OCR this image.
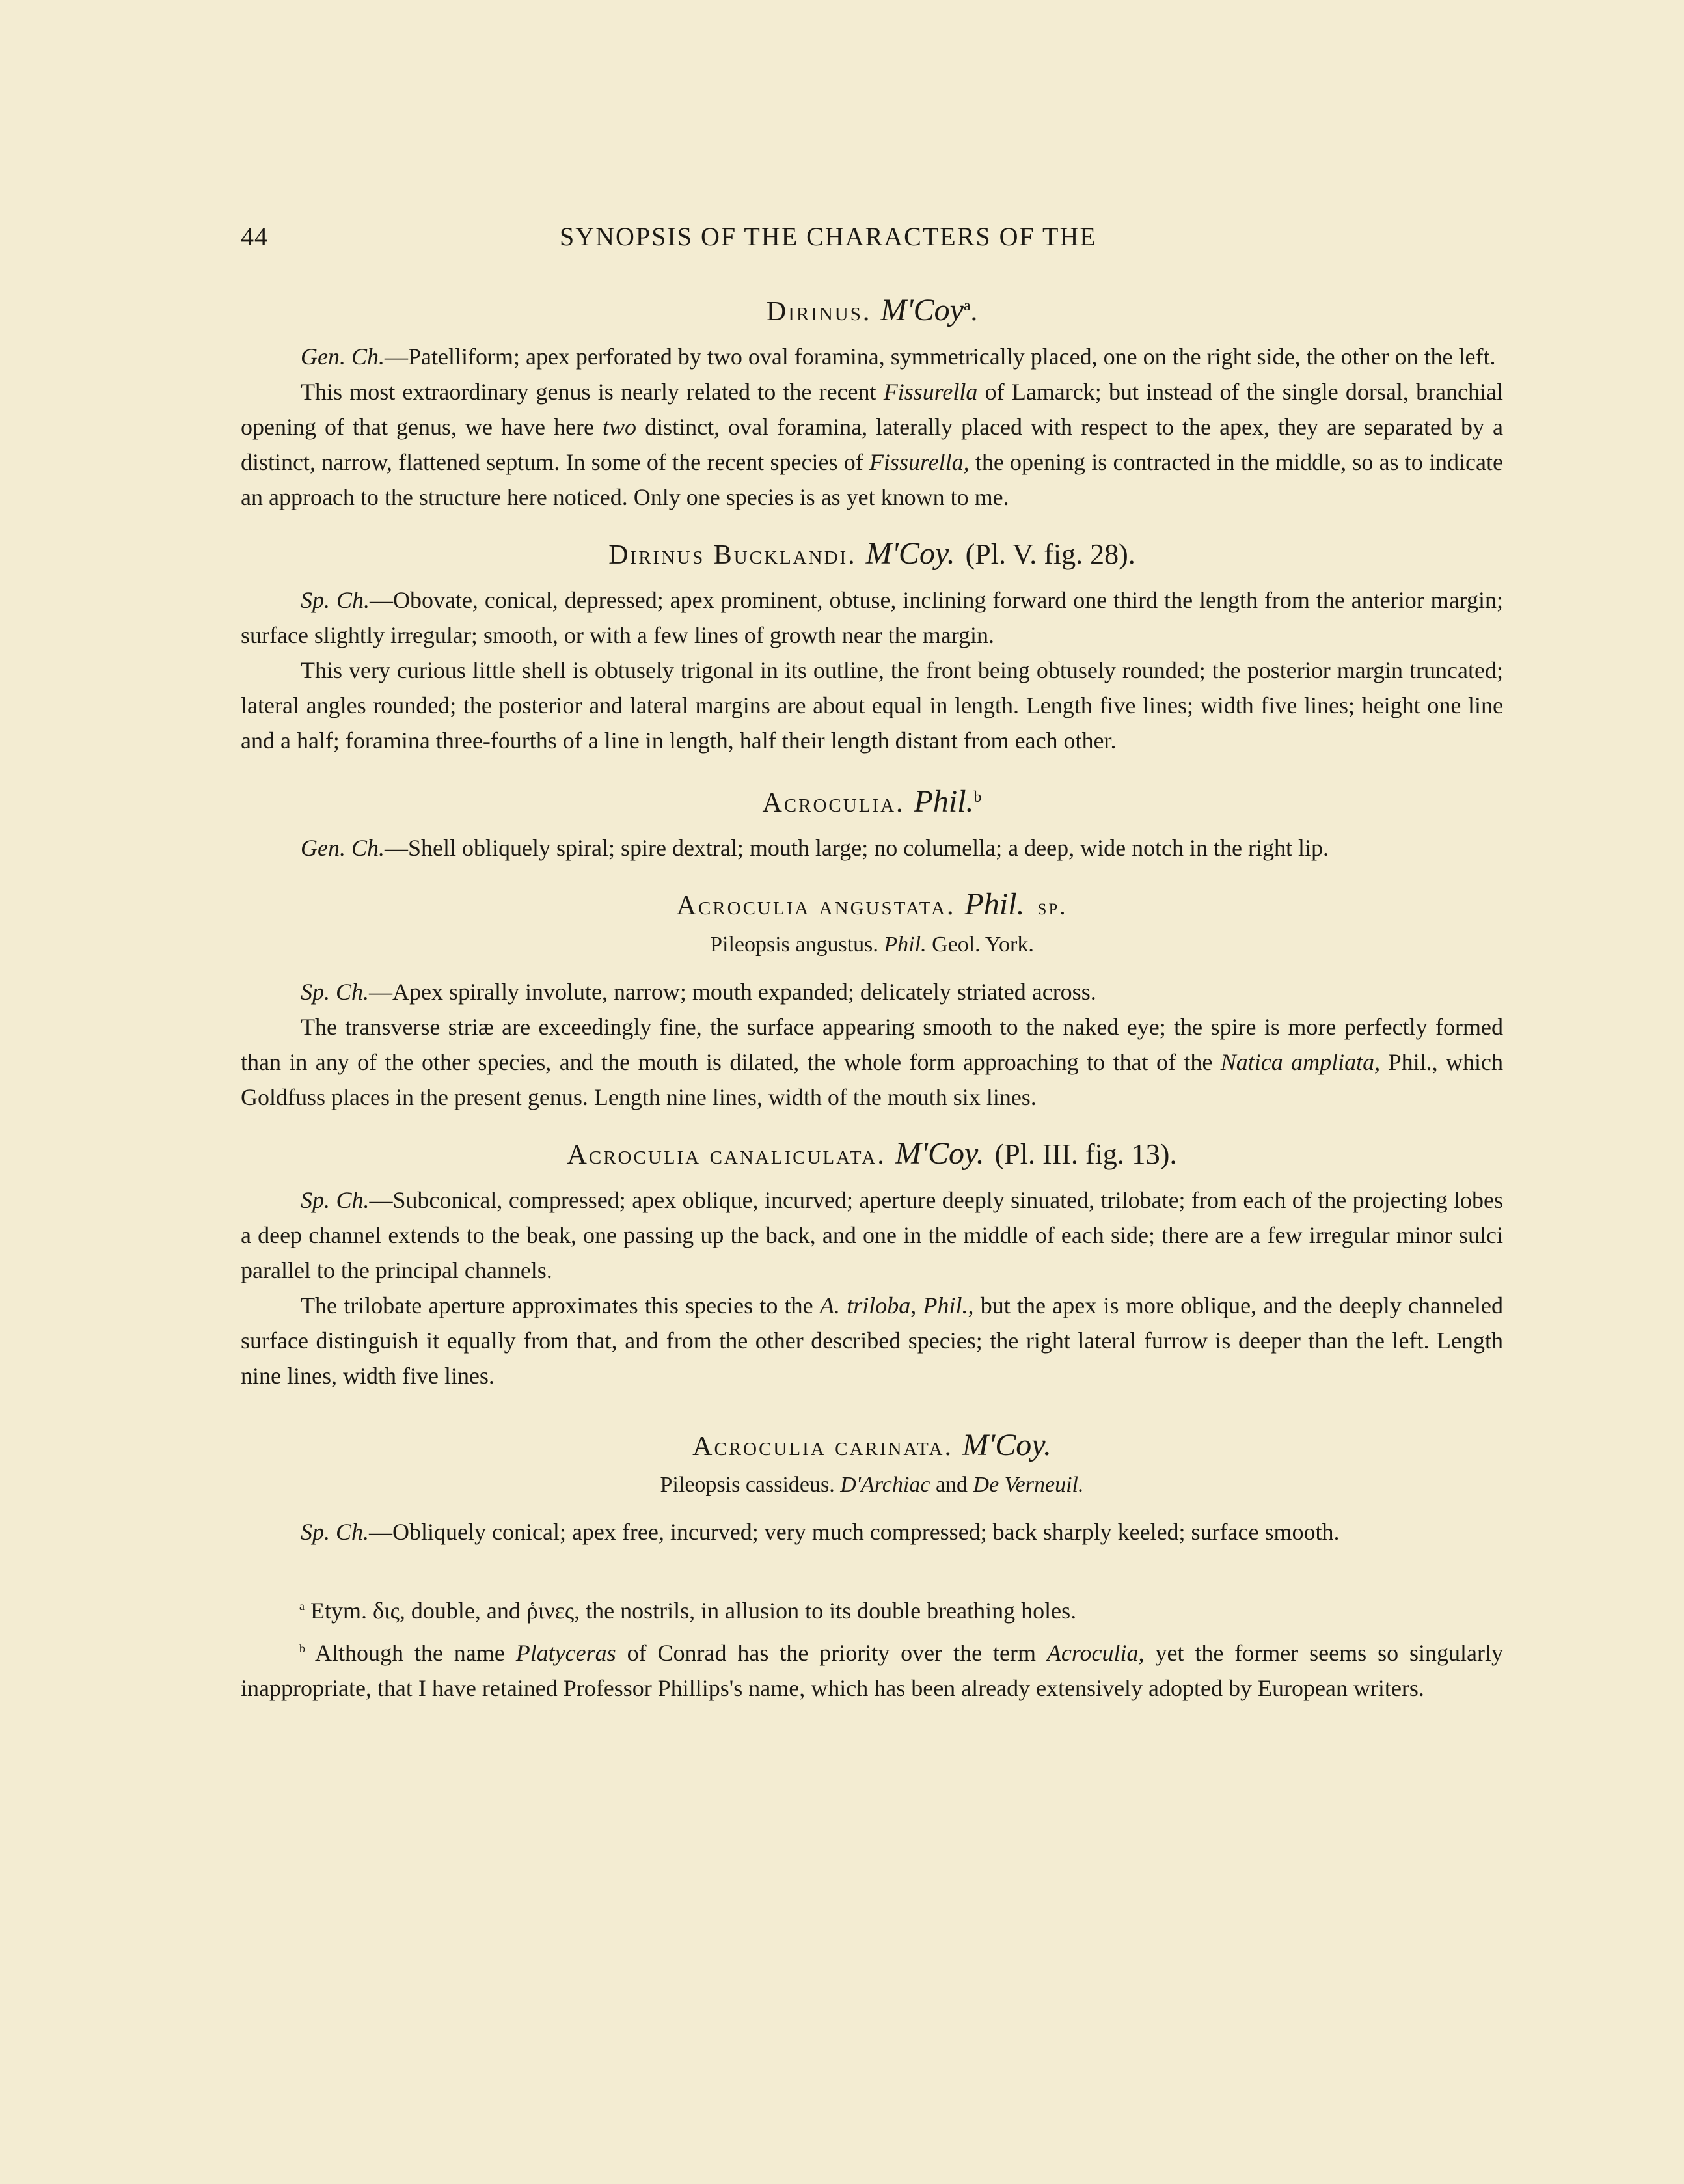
44	SYNOPSIS OF THE CHARACTERS OF THE
Dirinus. M'Coy$^a$.

Gen. Ch.—Patelliform; apex perforated by two oval foramina, symmetrically placed, one on the right side, the other on the left.

This most extraordinary genus is nearly related to the recent Fissurella of Lamarck; but instead of the single dorsal, branchial opening of that genus, we have here two distinct, oval foramina, laterally placed with respect to the apex, they are separated by a distinct, narrow, flattened septum. In some of the recent species of Fissurella, the opening is contracted in the middle, so as to indicate an approach to the structure here noticed. Only one species is as yet known to me.

Dirinus Bucklandi. M'Coy. (Pl. V. fig. 28).

Sp. Ch.—Obovate, conical, depressed; apex prominent, obtuse, inclining forward one third the length from the anterior margin; surface slightly irregular; smooth, or with a few lines of growth near the margin.

This very curious little shell is obtusely trigonal in its outline, the front being obtusely rounded; the posterior margin truncated; lateral angles rounded; the posterior and lateral margins are about equal in length. Length five lines; width five lines; height one line and a half; foramina three-fourths of a line in length, half their length distant from each other.

Acroculia. Phil.$^b$

Gen. Ch.—Shell obliquely spiral; spire dextral; mouth large; no columella; a deep, wide notch in the right lip.

Acroculia angustata. Phil. sp.
Pileopsis angustus. Phil. Geol. York.

Sp. Ch.—Apex spirally involute, narrow; mouth expanded; delicately striated across.

The transverse striæ are exceedingly fine, the surface appearing smooth to the naked eye; the spire is more perfectly formed than in any of the other species, and the mouth is dilated, the whole form approaching to that of the Natica ampliata, Phil., which Goldfuss places in the present genus. Length nine lines, width of the mouth six lines.

Acroculia canaliculata. M'Coy. (Pl. III. fig. 13).

Sp. Ch.—Subconical, compressed; apex oblique, incurved; aperture deeply sinuated, trilobate; from each of the projecting lobes a deep channel extends to the beak, one passing up the back, and one in the middle of each side; there are a few irregular minor sulci parallel to the principal channels.

The trilobate aperture approximates this species to the A. triloba, Phil., but the apex is more oblique, and the deeply channeled surface distinguish it equally from that, and from the other described species; the right lateral furrow is deeper than the left. Length nine lines, width five lines.

Acroculia carinata. M'Coy.
Pileopsis cassideus. D'Archiac and De Verneuil.

Sp. Ch.—Obliquely conical; apex free, incurved; very much compressed; back sharply keeled; surface smooth.

$^a$ Etym. δις, double, and ῥινες, the nostrils, in allusion to its double breathing holes.

$^b$ Although the name Platyceras of Conrad has the priority over the term Acroculia, yet the former seems so singularly inappropriate, that I have retained Professor Phillips's name, which has been already extensively adopted by European writers.
